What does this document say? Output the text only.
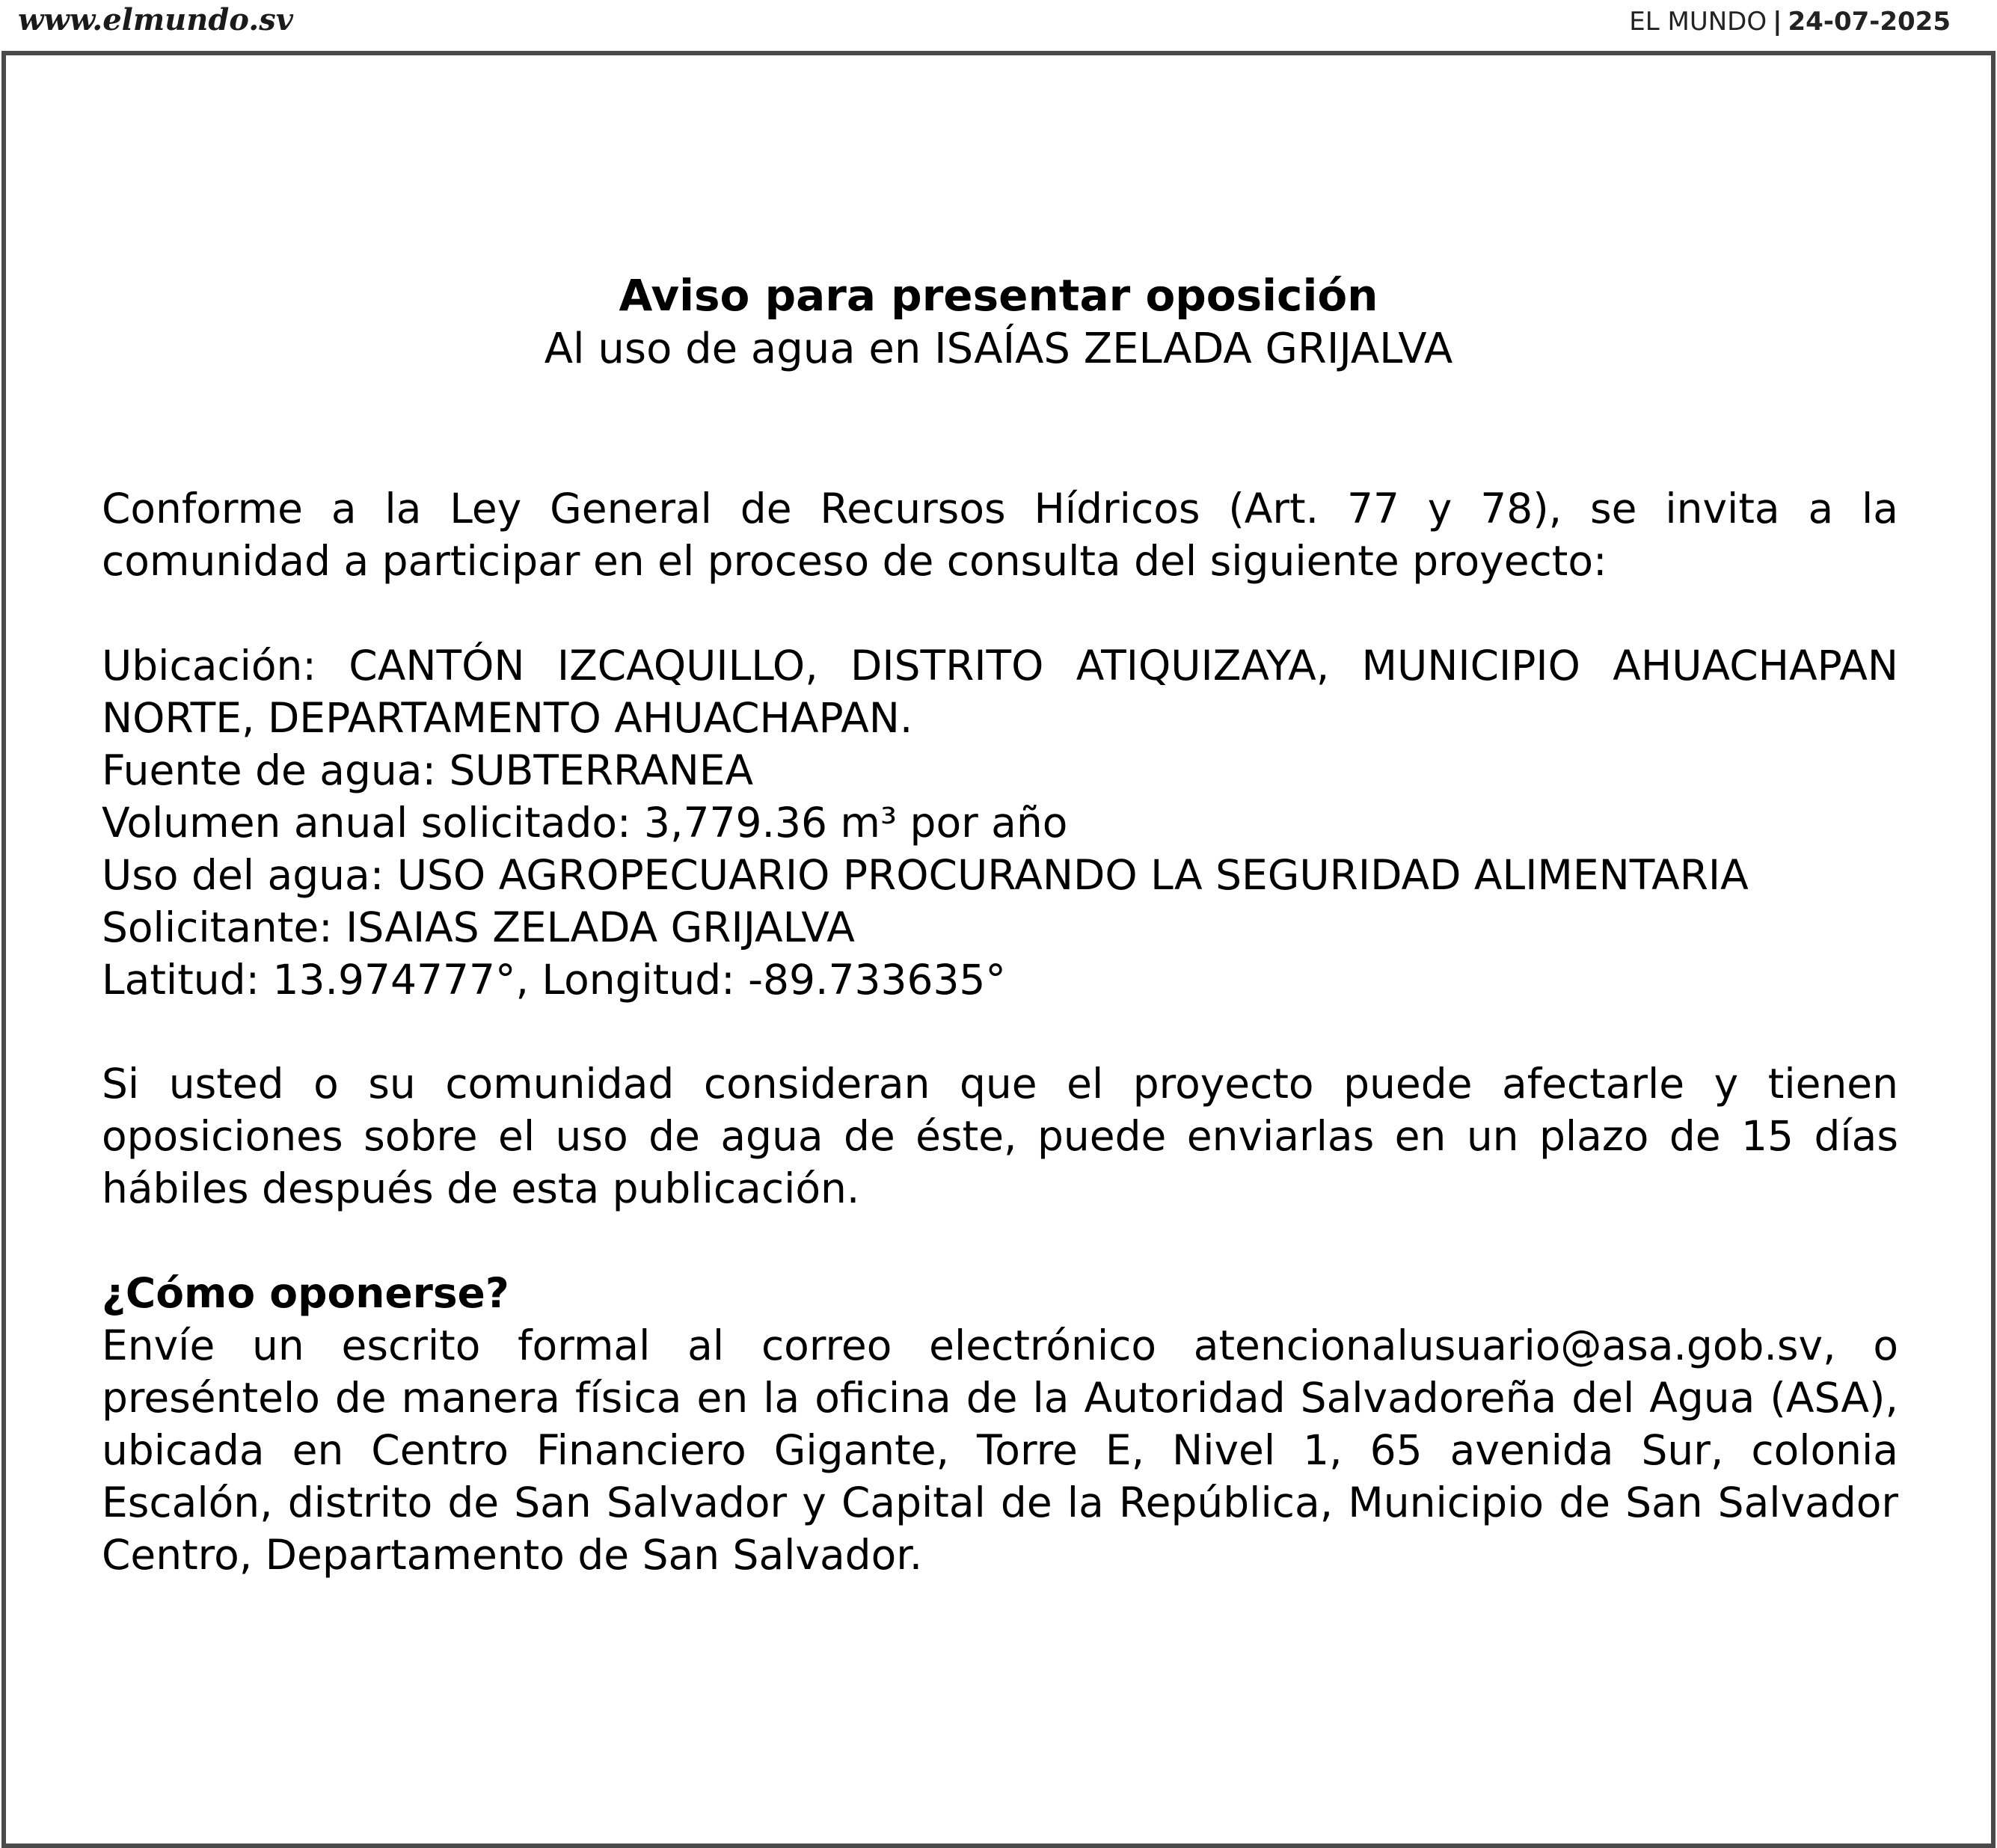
www.elmundo.sv	EL MUNDO | 24-07-2025
Aviso para presentar oposición
Al uso de agua en ISAÍAS ZELADA GRIJALVA
Conforme a la Ley General de Recursos Hídricos (Art. 77 y 78), se invita a la comunidad a participar en el proceso de consulta del siguiente proyecto:
Ubicación: CANTÓN IZCAQUILLO, DISTRITO ATIQUIZAYA, MUNICIPIO AHUACHAPAN NORTE, DEPARTAMENTO AHUACHAPAN.
Fuente de agua: SUBTERRANEA
Volumen anual solicitado: 3,779.36 m³ por año
Uso del agua: USO AGROPECUARIO PROCURANDO LA SEGURIDAD ALIMENTARIA
Solicitante: ISAIAS ZELADA GRIJALVA
Latitud: 13.974777°, Longitud: -89.733635°
Si usted o su comunidad consideran que el proyecto puede afectarle y tienen oposiciones sobre el uso de agua de éste, puede enviarlas en un plazo de 15 días hábiles después de esta publicación.
¿Cómo oponerse?
Envíe un escrito formal al correo electrónico atencionalusuario@asa.gob.sv, o preséntelo de manera física en la oficina de la Autoridad Salvadoreña del Agua (ASA), ubicada en Centro Financiero Gigante, Torre E, Nivel 1, 65 avenida Sur, colonia Escalón, distrito de San Salvador y Capital de la República, Municipio de San Salvador Centro, Departamento de San Salvador.
